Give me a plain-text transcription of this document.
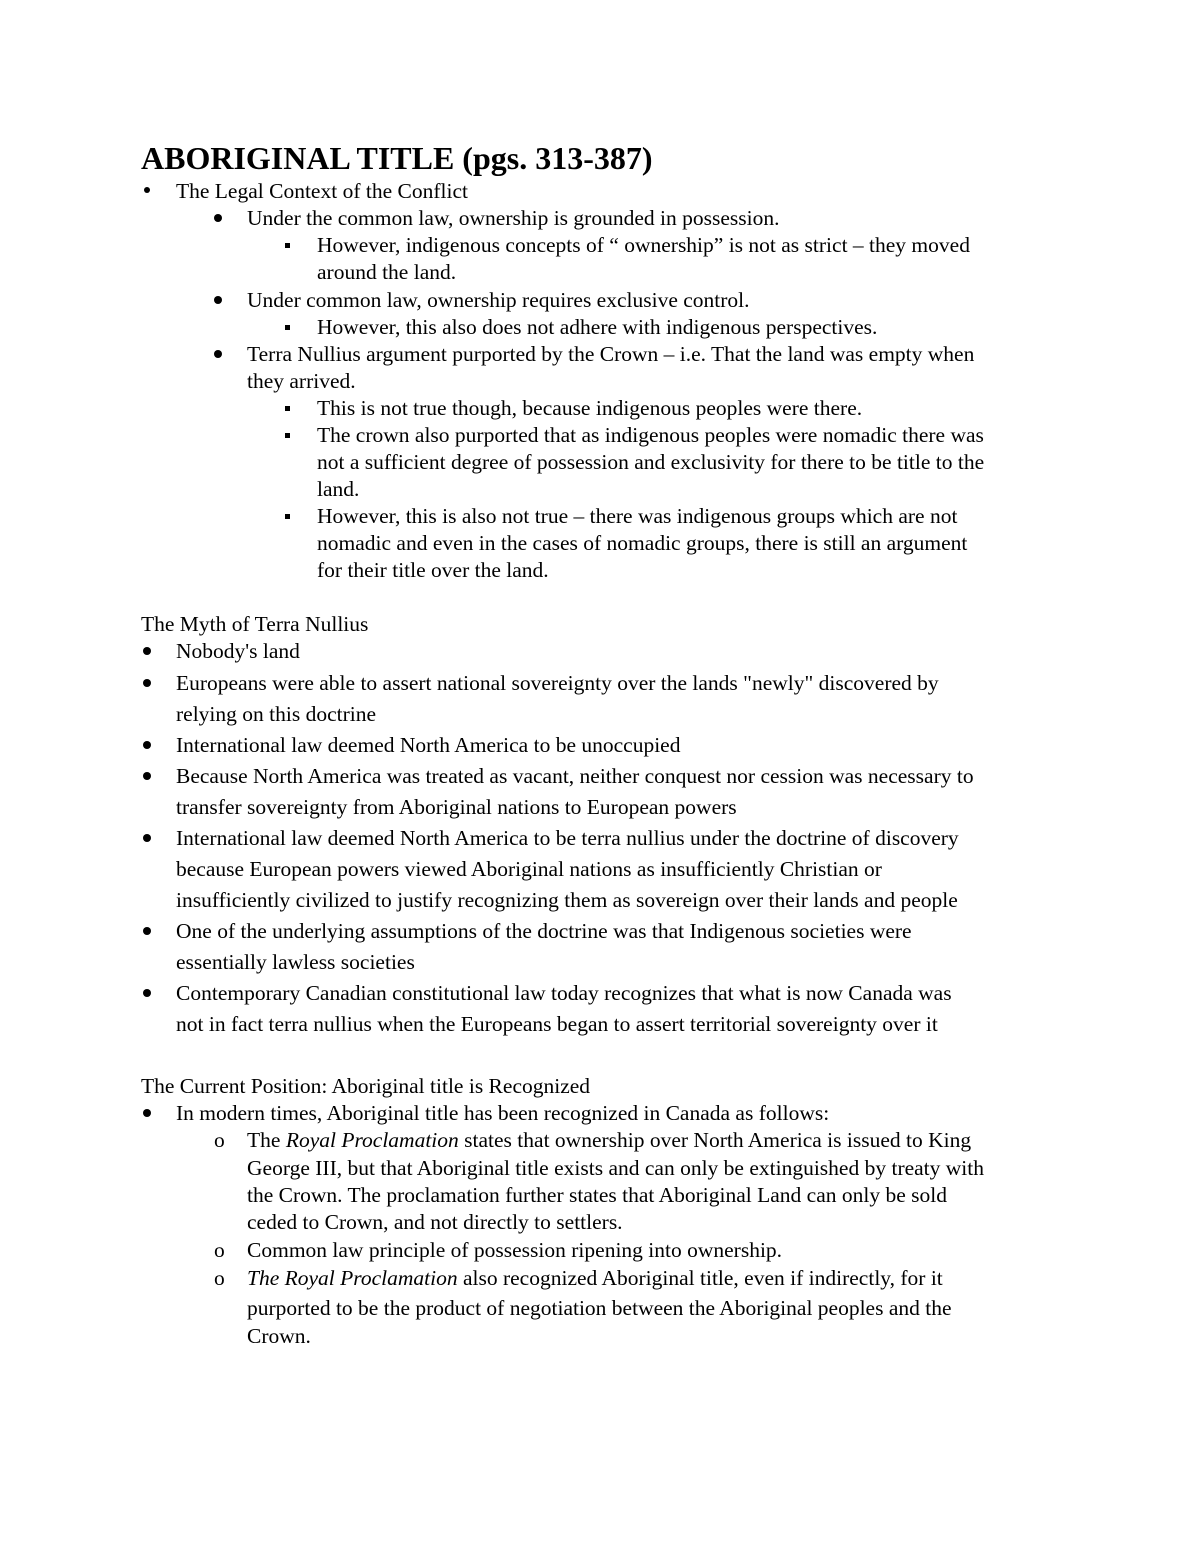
ABORIGINAL TITLE (pgs. 313-387)
The Legal Context of the Conflict
Under the common law, ownership is grounded in possession.
However, indigenous concepts of “ ownership” is not as strict – they moved
around the land.
Under common law, ownership requires exclusive control.
However, this also does not adhere with indigenous perspectives.
Terra Nullius argument purported by the Crown – i.e. That the land was empty when
they arrived.
This is not true though, because indigenous peoples were there.
The crown also purported that as indigenous peoples were nomadic there was
not a sufficient degree of possession and exclusivity for there to be title to the
land.
However, this is also not true – there was indigenous groups which are not
nomadic and even in the cases of nomadic groups, there is still an argument
for their title over the land.
The Myth of Terra Nullius
Nobody's land
Europeans were able to assert national sovereignty over the lands "newly" discovered by
relying on this doctrine
International law deemed North America to be unoccupied
Because North America was treated as vacant, neither conquest nor cession was necessary to
transfer sovereignty from Aboriginal nations to European powers
International law deemed North America to be terra nullius under the doctrine of discovery
because European powers viewed Aboriginal nations as insufficiently Christian or
insufficiently civilized to justify recognizing them as sovereign over their lands and people
One of the underlying assumptions of the doctrine was that Indigenous societies were
essentially lawless societies
Contemporary Canadian constitutional law today recognizes that what is now Canada was
not in fact terra nullius when the Europeans began to assert territorial sovereignty over it
The Current Position: Aboriginal title is Recognized
In modern times, Aboriginal title has been recognized in Canada as follows:
o The Royal Proclamation states that ownership over North America is issued to King
George III, but that Aboriginal title exists and can only be extinguished by treaty with
the Crown. The proclamation further states that Aboriginal Land can only be sold
ceded to Crown, and not directly to settlers.
o Common law principle of possession ripening into ownership.
o The Royal Proclamation also recognized Aboriginal title, even if indirectly, for it
purported to be the product of negotiation between the Aboriginal peoples and the
Crown.
